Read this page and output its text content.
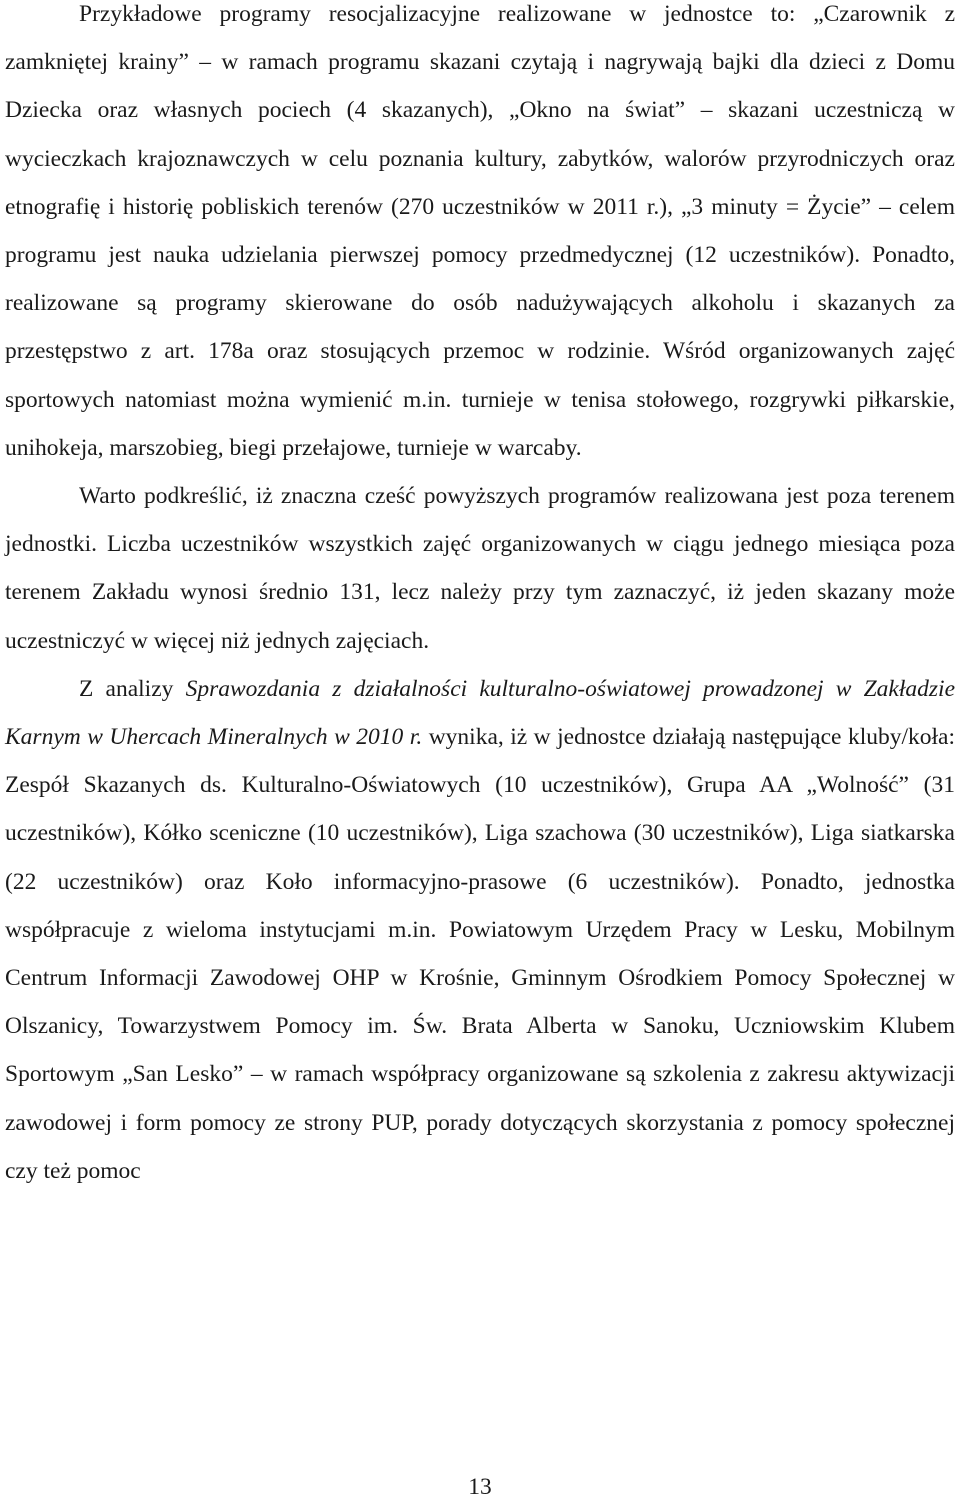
Przykładowe programy resocjalizacyjne realizowane w jednostce to: „Czarownik z zamkniętej krainy” – w ramach programu skazani czytają i nagrywają bajki dla dzieci z Domu Dziecka oraz własnych pociech (4 skazanych), „Okno na świat” – skazani uczestniczą w wycieczkach krajoznawczych w celu poznania kultury, zabytków, walorów przyrodniczych oraz etnografię i historię pobliskich terenów (270 uczestników w 2011 r.), „3 minuty = Życie” – celem programu jest nauka udzielania pierwszej pomocy przedmedycznej (12 uczestników). Ponadto, realizowane są programy skierowane do osób nadużywających alkoholu i skazanych za przestępstwo z art. 178a oraz stosujących przemoc w rodzinie. Wśród organizowanych zajęć sportowych natomiast można wymienić m.in. turnieje w tenisa stołowego, rozgrywki piłkarskie, unihokeja, marszobieg, biegi przełajowe, turnieje w warcaby.

Warto podkreślić, iż znaczna cześć powyższych programów realizowana jest poza terenem jednostki. Liczba uczestników wszystkich zajęć organizowanych w ciągu jednego miesiąca poza terenem Zakładu wynosi średnio 131, lecz należy przy tym zaznaczyć, iż jeden skazany może uczestniczyć w więcej niż jednych zajęciach.

Z analizy Sprawozdania z działalności kulturalno-oświatowej prowadzonej w Zakładzie Karnym w Uhercach Mineralnych w 2010 r. wynika, iż w jednostce działają następujące kluby/koła: Zespół Skazanych ds. Kulturalno-Oświatowych (10 uczestników), Grupa AA „Wolność” (31 uczestników), Kółko sceniczne (10 uczestników), Liga szachowa (30 uczestników), Liga siatkarska (22 uczestników) oraz Koło informacyjno-prasowe (6 uczestników). Ponadto, jednostka współpracuje z wieloma instytucjami m.in. Powiatowym Urzędem Pracy w Lesku, Mobilnym Centrum Informacji Zawodowej OHP w Krośnie, Gminnym Ośrodkiem Pomocy Społecznej w Olszanicy, Towarzystwem Pomocy im. Św. Brata Alberta w Sanoku, Uczniowskim Klubem Sportowym „San Lesko” – w ramach współpracy organizowane są szkolenia z zakresu aktywizacji zawodowej i form pomocy ze strony PUP, porady dotyczących skorzystania z pomocy społecznej czy też pomoc

13
